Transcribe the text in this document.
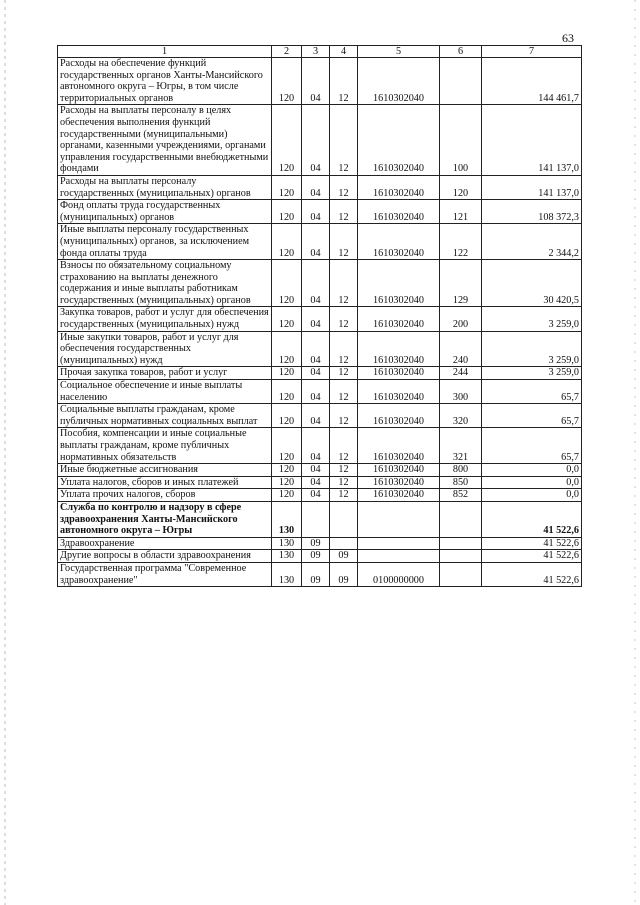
63
1	2	3	4	5	6	7
Расходы на обеспечение функций государственных органов Ханты-Мансийского автономного округа – Югры, в том числе территориальных органов	120	04	12	1610302040		144 461,7
Расходы на выплаты персоналу в целях обеспечения выполнения функций государственными (муниципальными) органами, казенными учреждениями, органами управления государственными внебюджетными фондами	120	04	12	1610302040	100	141 137,0
Расходы на выплаты персоналу государственных (муниципальных) органов	120	04	12	1610302040	120	141 137,0
Фонд оплаты труда государственных (муниципальных) органов	120	04	12	1610302040	121	108 372,3
Иные выплаты персоналу государственных (муниципальных) органов, за исключением фонда оплаты труда	120	04	12	1610302040	122	2 344,2
Взносы по обязательному социальному страхованию на выплаты денежного содержания и иные выплаты работникам государственных (муниципальных) органов	120	04	12	1610302040	129	30 420,5
Закупка товаров, работ и услуг для обеспечения государственных (муниципальных) нужд	120	04	12	1610302040	200	3 259,0
Иные закупки товаров, работ и услуг для обеспечения государственных (муниципальных) нужд	120	04	12	1610302040	240	3 259,0
Прочая закупка товаров, работ и услуг	120	04	12	1610302040	244	3 259,0
Социальное обеспечение и иные выплаты населению	120	04	12	1610302040	300	65,7
Социальные выплаты гражданам, кроме публичных нормативных социальных выплат	120	04	12	1610302040	320	65,7
Пособия, компенсации и иные социальные выплаты гражданам, кроме публичных нормативных обязательств	120	04	12	1610302040	321	65,7
Иные бюджетные ассигнования	120	04	12	1610302040	800	0,0
Уплата налогов, сборов и иных платежей	120	04	12	1610302040	850	0,0
Уплата прочих налогов, сборов	120	04	12	1610302040	852	0,0
Служба по контролю и надзору в сфере здравоохранения Ханты-Мансийского автономного округа – Югры	130					41 522,6
Здравоохранение	130	09				41 522,6
Другие вопросы в области здравоохранения	130	09	09			41 522,6
Государственная программа "Современное здравоохранение"	130	09	09	0100000000		41 522,6
